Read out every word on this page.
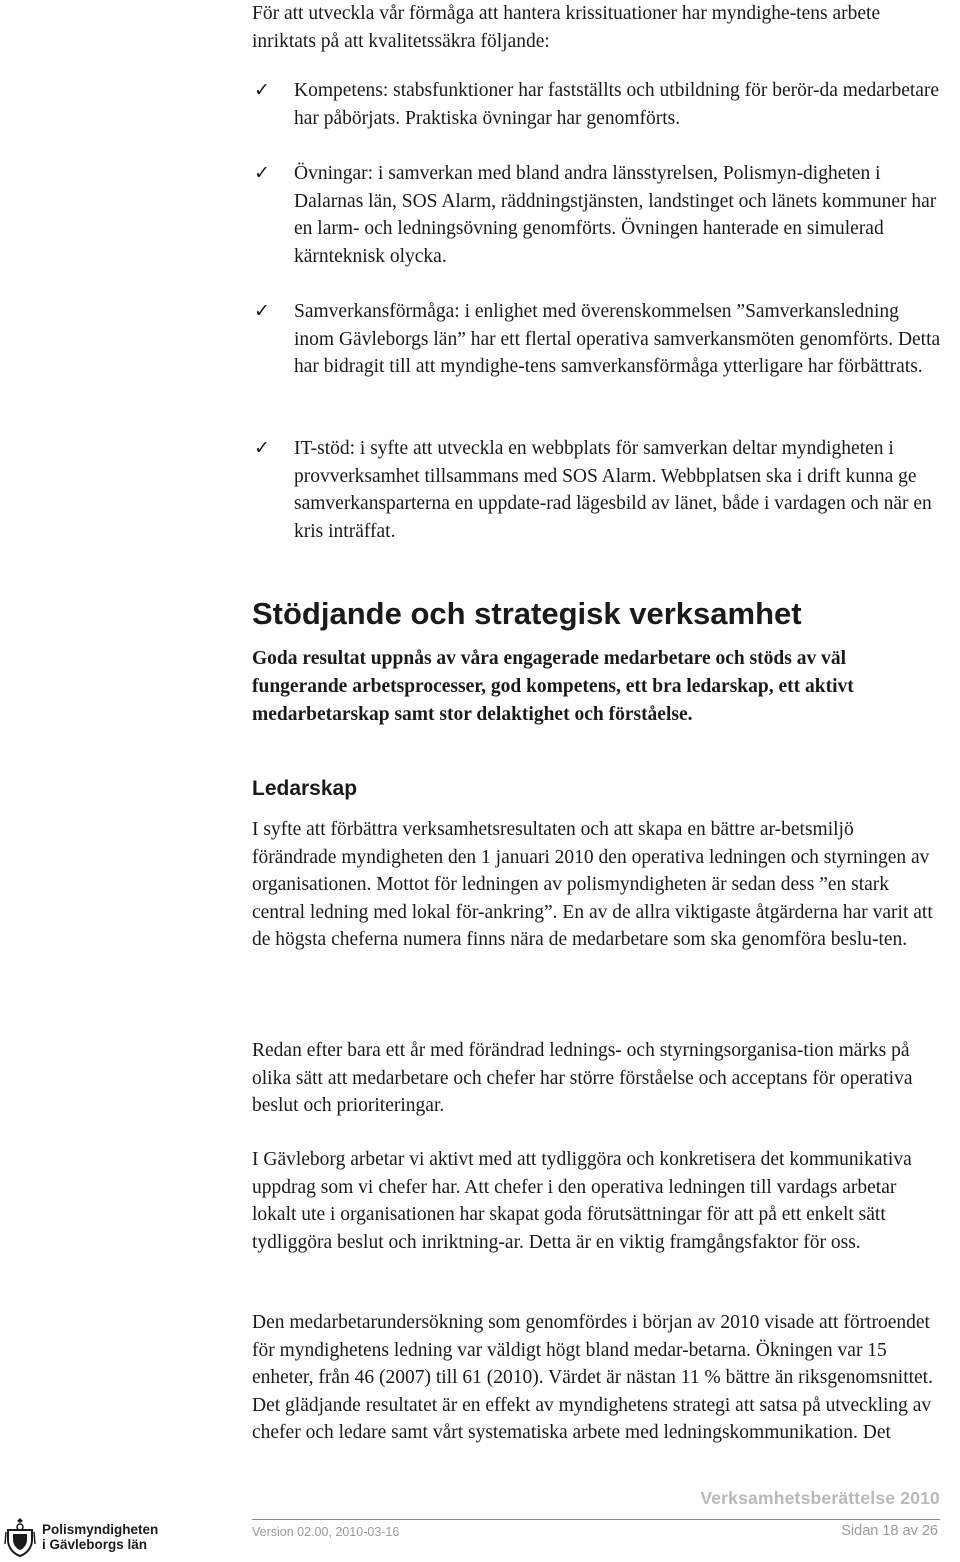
För att utveckla vår förmåga att hantera krissituationer har myndighe-tens arbete inriktats på att kvalitetssäkra följande:

✓	Kompetens: stabsfunktioner har fastställts och utbildning för berör-da medarbetare har påbörjats. Praktiska övningar har genomförts.
✓	Övningar: i samverkan med bland andra länsstyrelsen, Polismyn-digheten i Dalarnas län, SOS Alarm, räddningstjänsten, landstinget och länets kommuner har en larm- och ledningsövning genomförts. Övningen hanterade en simulerad kärnteknisk olycka.
✓	Samverkansförmåga: i enlighet med överenskommelsen ”Samverkansledning inom Gävleborgs län” har ett flertal operativa samverkansmöten genomförts. Detta har bidragit till att myndighe-tens samverkansförmåga ytterligare har förbättrats.
✓	IT-stöd: i syfte att utveckla en webbplats för samverkan deltar myndigheten i provverksamhet tillsammans med SOS Alarm. Webbplatsen ska i drift kunna ge samverkansparterna en uppdate-rad lägesbild av länet, både i vardagen och när en kris inträffat.
Stödjande och strategisk verksamhet

Goda resultat uppnås av våra engagerade medarbetare och stöds av väl fungerande arbetsprocesser, god kompetens, ett bra ledarskap, ett aktivt medarbetarskap samt stor delaktighet och förståelse.

Ledarskap

I syfte att förbättra verksamhetsresultaten och att skapa en bättre ar-betsmiljö förändrade myndigheten den 1 januari 2010 den operativa ledningen och styrningen av organisationen. Mottot för ledningen av polismyndigheten är sedan dess ”en stark central ledning med lokal för-ankring”. En av de allra viktigaste åtgärderna har varit att de högsta cheferna numera finns nära de medarbetare som ska genomföra beslu-ten.

Redan efter bara ett år med förändrad lednings- och styrningsorganisa-tion märks på olika sätt att medarbetare och chefer har större förståelse och acceptans för operativa beslut och prioriteringar.

I Gävleborg arbetar vi aktivt med att tydliggöra och konkretisera det kommunikativa uppdrag som vi chefer har. Att chefer i den operativa ledningen till vardags arbetar lokalt ute i organisationen har skapat goda förutsättningar för att på ett enkelt sätt tydliggöra beslut och inriktning-ar. Detta är en viktig framgångsfaktor för oss.

Den medarbetarundersökning som genomfördes i början av 2010 visade att förtroendet för myndighetens ledning var väldigt högt bland medar-betarna. Ökningen var 15 enheter, från 46 (2007) till 61 (2010). Värdet är nästan 11 % bättre än riksgenomsnittet. Det glädjande resultatet är en effekt av myndighetens strategi att satsa på utveckling av chefer och ledare samt vårt systematiska arbete med ledningskommunikation. Det

Verksamhetsberättelse 2010
Version 02.00, 2010-03-16	Sidan 18 av 26
Polismyndigheten
i Gävleborgs län
